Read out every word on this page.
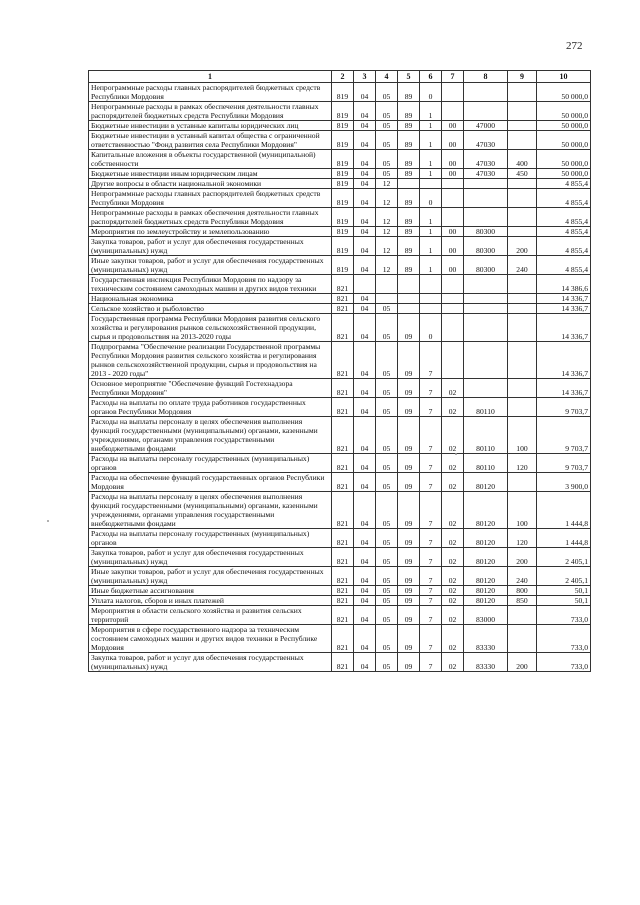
272
1	2	3	4	5	6	7	8	9	10
Непрограммные расходы главных распорядителей бюджетных средств Республики Мордовия	819	04	05	89	0				50 000,0
Непрограммные расходы в рамках обеспечения деятельности главных распорядителей бюджетных средств Республики Мордовия	819	04	05	89	1				50 000,0
Бюджетные инвестиции в уставные капиталы юридических лиц	819	04	05	89	1	00	47000		50 000,0
Бюджетные инвестиции в уставный капитал общества с ограниченной ответственностью "Фонд развития села Республики Мордовия"	819	04	05	89	1	00	47030		50 000,0
Капитальные вложения в объекты государственной (муниципальной) собственности	819	04	05	89	1	00	47030	400	50 000,0
Бюджетные инвестиции иным юридическим лицам	819	04	05	89	1	00	47030	450	50 000,0
Другие вопросы в области национальной экономики	819	04	12						4 855,4
Непрограммные расходы главных распорядителей бюджетных средств Республики Мордовия	819	04	12	89	0				4 855,4
Непрограммные расходы в рамках обеспечения деятельности главных распорядителей бюджетных средств Республики Мордовия	819	04	12	89	1				4 855,4
Мероприятия по землеустройству и землепользованию	819	04	12	89	1	00	80300		4 855,4
Закупка товаров, работ и услуг для обеспечения государственных (муниципальных) нужд	819	04	12	89	1	00	80300	200	4 855,4
Иные закупки товаров, работ и услуг для обеспечения государственных (муниципальных) нужд	819	04	12	89	1	00	80300	240	4 855,4
Государственная инспекция Республики Мордовия по надзору за техническим состоянием самоходных машин и других видов техники	821								14 386,6
Национальная экономика	821	04							14 336,7
Сельское хозяйство и рыболовство	821	04	05						14 336,7
Государственная программа Республики Мордовия развития сельского хозяйства и регулирования рынков сельскохозяйственной продукции, сырья и продовольствия на 2013-2020 годы	821	04	05	09	0				14 336,7
Подпрограмма "Обеспечение реализации Государственной программы Республики Мордовия развития сельского хозяйства и регулирования рынков сельскохозяйственной продукции, сырья и продовольствия на 2013 - 2020 годы"	821	04	05	09	7				14 336,7
Основное мероприятие "Обеспечение функций Гостехнадзора Республики Мордовия"	821	04	05	09	7	02			14 336,7
Расходы на выплаты по оплате труда работников государственных органов Республики Мордовия	821	04	05	09	7	02	80110		9 703,7
Расходы на выплаты персоналу в целях обеспечения выполнения функций государственными (муниципальными) органами, казенными учреждениями, органами управления государственными внебюджетными фондами	821	04	05	09	7	02	80110	100	9 703,7
Расходы на выплаты персоналу государственных (муниципальных) органов	821	04	05	09	7	02	80110	120	9 703,7
Расходы на обеспечение функций государственных органов Республики Мордовия	821	04	05	09	7	02	80120		3 900,0
Расходы на выплаты персоналу в целях обеспечения выполнения функций государственными (муниципальными) органами, казенными учреждениями, органами управления государственными внебюджетными фондами	821	04	05	09	7	02	80120	100	1 444,8
Расходы на выплаты персоналу государственных (муниципальных) органов	821	04	05	09	7	02	80120	120	1 444,8
Закупка товаров, работ и услуг для обеспечения государственных (муниципальных) нужд	821	04	05	09	7	02	80120	200	2 405,1
Иные закупки товаров, работ и услуг для обеспечения государственных (муниципальных) нужд	821	04	05	09	7	02	80120	240	2 405,1
Иные бюджетные ассигнования	821	04	05	09	7	02	80120	800	50,1
Уплата налогов, сборов и иных платежей	821	04	05	09	7	02	80120	850	50,1
Мероприятия в области сельского хозяйства и развития сельских территорий	821	04	05	09	7	02	83000		733,0
Мероприятия в сфере государственного надзора за техническим состоянием самоходных машин и других видов техники в Республике Мордовия	821	04	05	09	7	02	83330		733,0
Закупка товаров, работ и услуг для обеспечения государственных (муниципальных) нужд	821	04	05	09	7	02	83330	200	733,0
